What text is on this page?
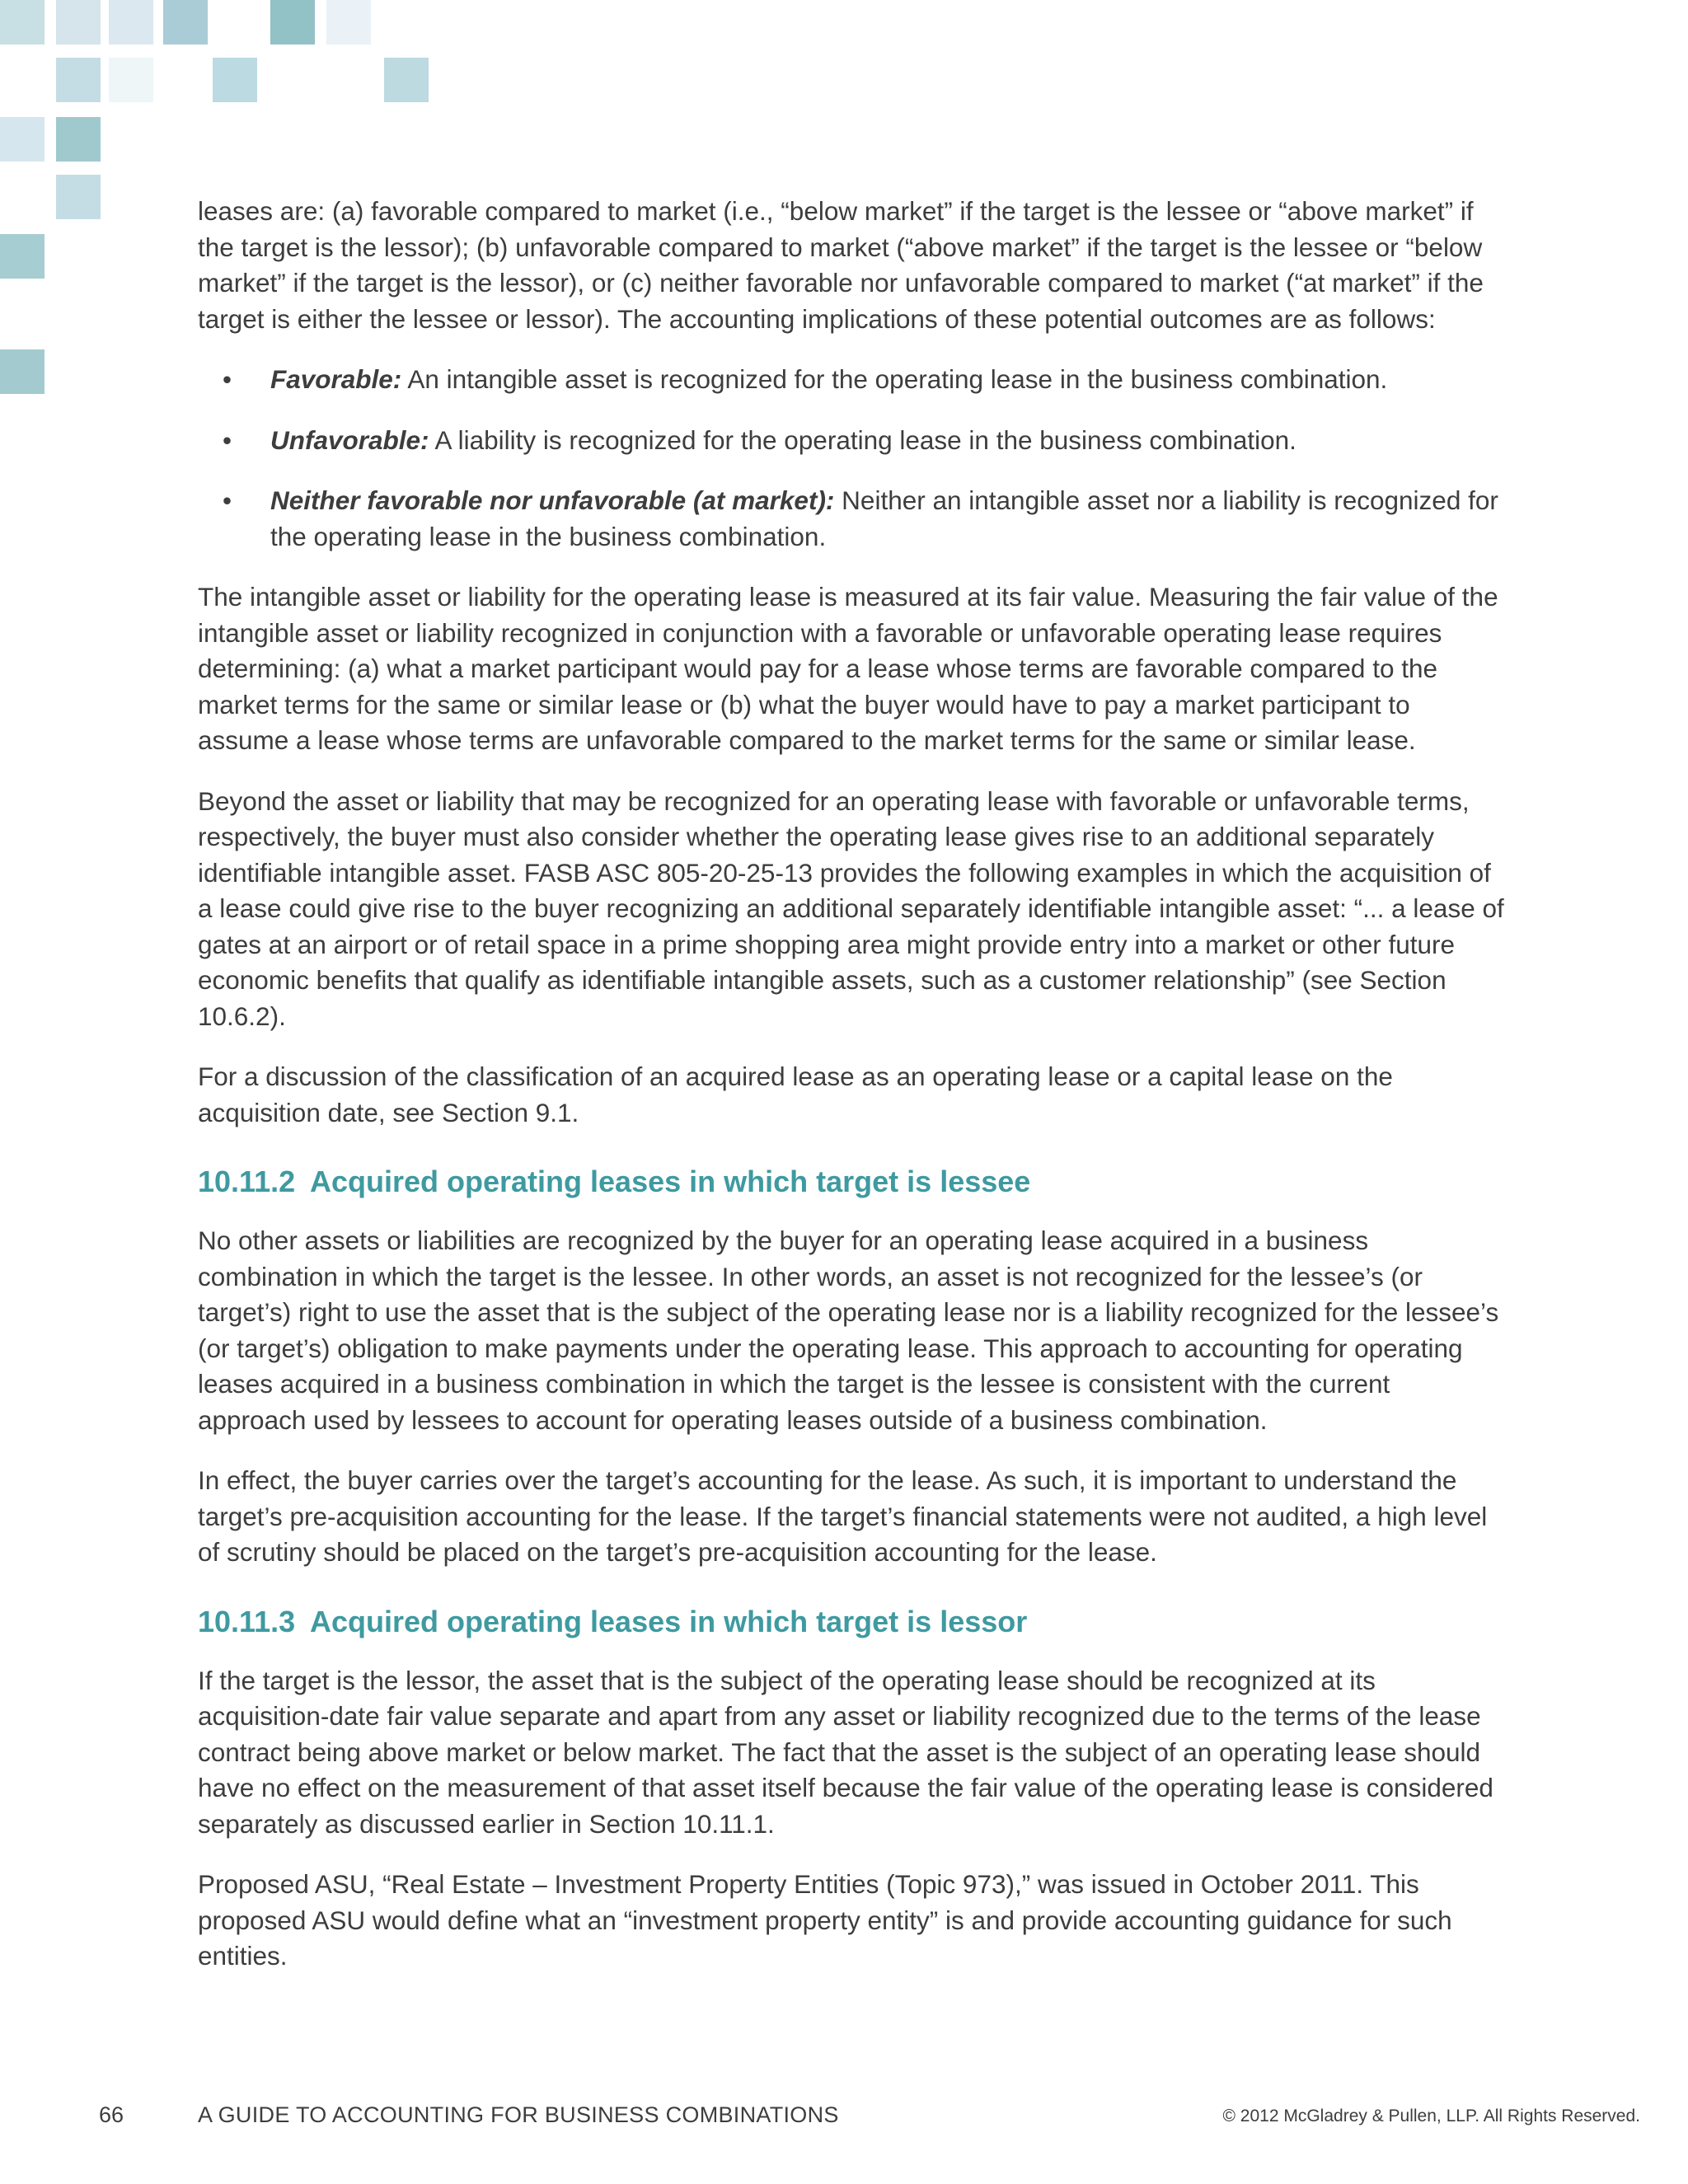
leases are: (a) favorable compared to market (i.e., “below market” if the target is the lessee or “above market” if the target is the lessor); (b) unfavorable compared to market (“above market” if the target is the lessee or “below market” if the target is the lessor), or (c) neither favorable nor unfavorable compared to market (“at market” if the target is either the lessee or lessor). The accounting implications of these potential outcomes are as follows:

• Favorable: An intangible asset is recognized for the operating lease in the business combination.
• Unfavorable: A liability is recognized for the operating lease in the business combination.
• Neither favorable nor unfavorable (at market): Neither an intangible asset nor a liability is recognized for the operating lease in the business combination.

The intangible asset or liability for the operating lease is measured at its fair value. Measuring the fair value of the intangible asset or liability recognized in conjunction with a favorable or unfavorable operating lease requires determining: (a) what a market participant would pay for a lease whose terms are favorable compared to the market terms for the same or similar lease or (b) what the buyer would have to pay a market participant to assume a lease whose terms are unfavorable compared to the market terms for the same or similar lease.

Beyond the asset or liability that may be recognized for an operating lease with favorable or unfavorable terms, respectively, the buyer must also consider whether the operating lease gives rise to an additional separately identifiable intangible asset. FASB ASC 805-20-25-13 provides the following examples in which the acquisition of a lease could give rise to the buyer recognizing an additional separately identifiable intangible asset: “... a lease of gates at an airport or of retail space in a prime shopping area might provide entry into a market or other future economic benefits that qualify as identifiable intangible assets, such as a customer relationship” (see Section 10.6.2).

For a discussion of the classification of an acquired lease as an operating lease or a capital lease on the acquisition date, see Section 9.1.

10.11.2 Acquired operating leases in which target is lessee

No other assets or liabilities are recognized by the buyer for an operating lease acquired in a business combination in which the target is the lessee. In other words, an asset is not recognized for the lessee’s (or target’s) right to use the asset that is the subject of the operating lease nor is a liability recognized for the lessee’s (or target’s) obligation to make payments under the operating lease. This approach to accounting for operating leases acquired in a business combination in which the target is the lessee is consistent with the current approach used by lessees to account for operating leases outside of a business combination.

In effect, the buyer carries over the target’s accounting for the lease. As such, it is important to understand the target’s pre-acquisition accounting for the lease. If the target’s financial statements were not audited, a high level of scrutiny should be placed on the target’s pre-acquisition accounting for the lease.

10.11.3 Acquired operating leases in which target is lessor

If the target is the lessor, the asset that is the subject of the operating lease should be recognized at its acquisition-date fair value separate and apart from any asset or liability recognized due to the terms of the lease contract being above market or below market. The fact that the asset is the subject of an operating lease should have no effect on the measurement of that asset itself because the fair value of the operating lease is considered separately as discussed earlier in Section 10.11.1.

Proposed ASU, “Real Estate – Investment Property Entities (Topic 973),” was issued in October 2011. This proposed ASU would define what an “investment property entity” is and provide accounting guidance for such entities.

66	A GUIDE TO ACCOUNTING FOR BUSINESS COMBINATIONS	© 2012 McGladrey & Pullen, LLP. All Rights Reserved.
